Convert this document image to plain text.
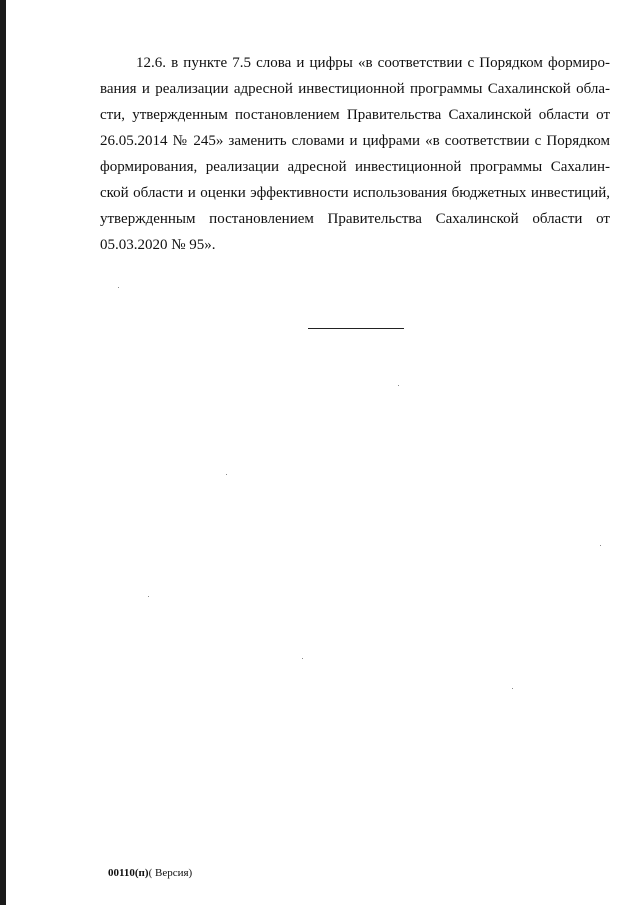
12.6. в пункте 7.5 слова и цифры «в соответствии с Порядком формиро-
вания и реализации адресной инвестиционной программы Сахалинской обла-
сти, утвержденным постановлением Правительства Сахалинской области от
26.05.2014 № 245» заменить словами и цифрами «в соответствии с Порядком
формирования, реализации адресной инвестиционной программы Сахалин-
ской области и оценки эффективности использования бюджетных инвестиций,
утвержденным постановлением Правительства Сахалинской области от
05.03.2020 № 95».
00110(п)( Версия)
